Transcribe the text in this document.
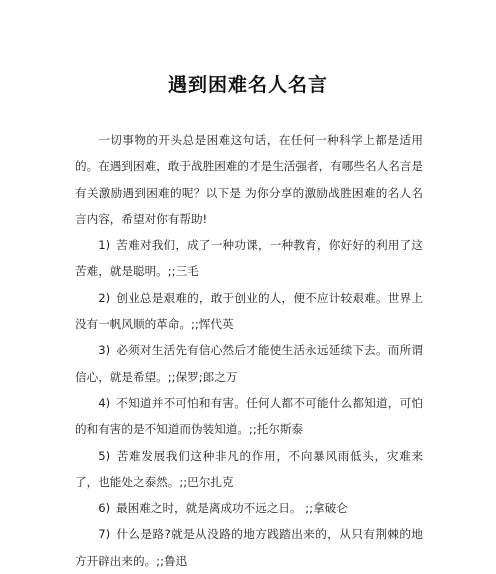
遇到困难名人名言

一切事物的开头总是困难这句话，在任何一种科学上都是适用的。在遇到困难，敢于战胜困难的才是生活强者，有哪些名人名言是有关激励遇到困难的呢？以下是 为你分享的激励战胜困难的名人名言内容，希望对你有帮助!

1) 苦难对我们，成了一种功课，一种教育，你好好的利用了这苦难，就是聪明。;;三毛

2) 创业总是艰难的，敢于创业的人，便不应计较艰难。世界上没有一帆风顺的革命。;;恽代英

3) 必须对生活先有信心然后才能使生活永远延续下去。而所谓信心，就是希望。;;保罗;郎之万

4) 不知道并不可怕和有害。任何人都不可能什么都知道，可怕的和有害的是不知道而伪装知道。;;托尔斯泰

5) 苦难发展我们这种非凡的作用，不向暴风雨低头，灾难来了，也能处之泰然。;;巴尔扎克

6) 最困难之时，就是离成功不远之日。 ;;拿破仑

7) 什么是路?就是从没路的地方践踏出来的，从只有荆棘的地方开辟出来的。;;鲁迅
